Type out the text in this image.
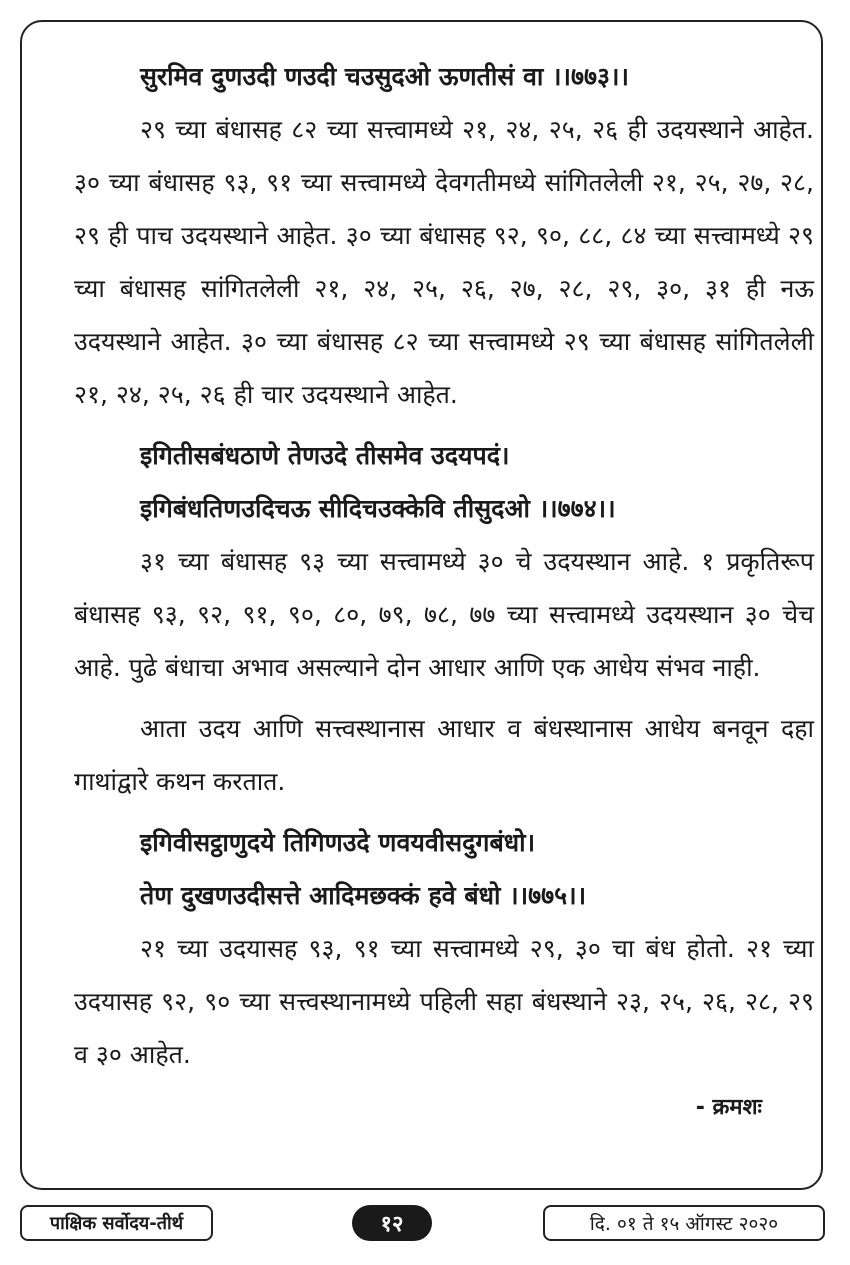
सुरमिव दुणउदी णउदी चउसुदओ ऊणतीसं वा ।।७७३।।

२९ च्या बंधासह ८२ च्या सत्त्वामध्ये २१, २४, २५, २६ ही उदयस्थाने आहेत. ३० च्या बंधासह ९३, ९१ च्या सत्त्वामध्ये देवगतीमध्ये सांगितलेली २१, २५, २७, २८, २९ ही पाच उदयस्थाने आहेत. ३० च्या बंधासह ९२, ९०, ८८, ८४ च्या सत्त्वामध्ये २९ च्या बंधासह सांगितलेली २१, २४, २५, २६, २७, २८, २९, ३०, ३१ ही नऊ उदयस्थाने आहेत. ३० च्या बंधासह ८२ च्या सत्त्वामध्ये २९ च्या बंधासह सांगितलेली २१, २४, २५, २६ ही चार उदयस्थाने आहेत.

इगितीसबंधठाणे तेणउदे तीसमेव उदयपदं।
इगिबंधतिणउदिचऊ सीदिचउक्केवि तीसुदओ ।।७७४।।

३१ च्या बंधासह ९३ च्या सत्त्वामध्ये ३० चे उदयस्थान आहे. १ प्रकृतिरूप बंधासह ९३, ९२, ९१, ९०, ८०, ७९, ७८, ७७ च्या सत्त्वामध्ये उदयस्थान ३० चेच आहे. पुढे बंधाचा अभाव असल्याने दोन आधार आणि एक आधेय संभव नाही.

आता उदय आणि सत्त्वस्थानास आधार व बंधस्थानास आधेय बनवून दहा गाथांद्वारे कथन करतात.

इगिवीसट्ठाणुदये तिगिणउदे णवयवीसदुगबंधो।
तेण दुखणउदीसत्ते आदिमछक्कं हवे बंधो ।।७७५।।

२१ च्या उदयासह ९३, ९१ च्या सत्त्वामध्ये २९, ३० चा बंध होतो. २१ च्या उदयासह ९२, ९० च्या सत्त्वस्थानामध्ये पहिली सहा बंधस्थाने २३, २५, २६, २८, २९ व ३० आहेत.

- क्रमशः
पाक्षिक सर्वोदय-तीर्थ	१२	दि. ०१ ते १५ ऑगस्ट २०२०
